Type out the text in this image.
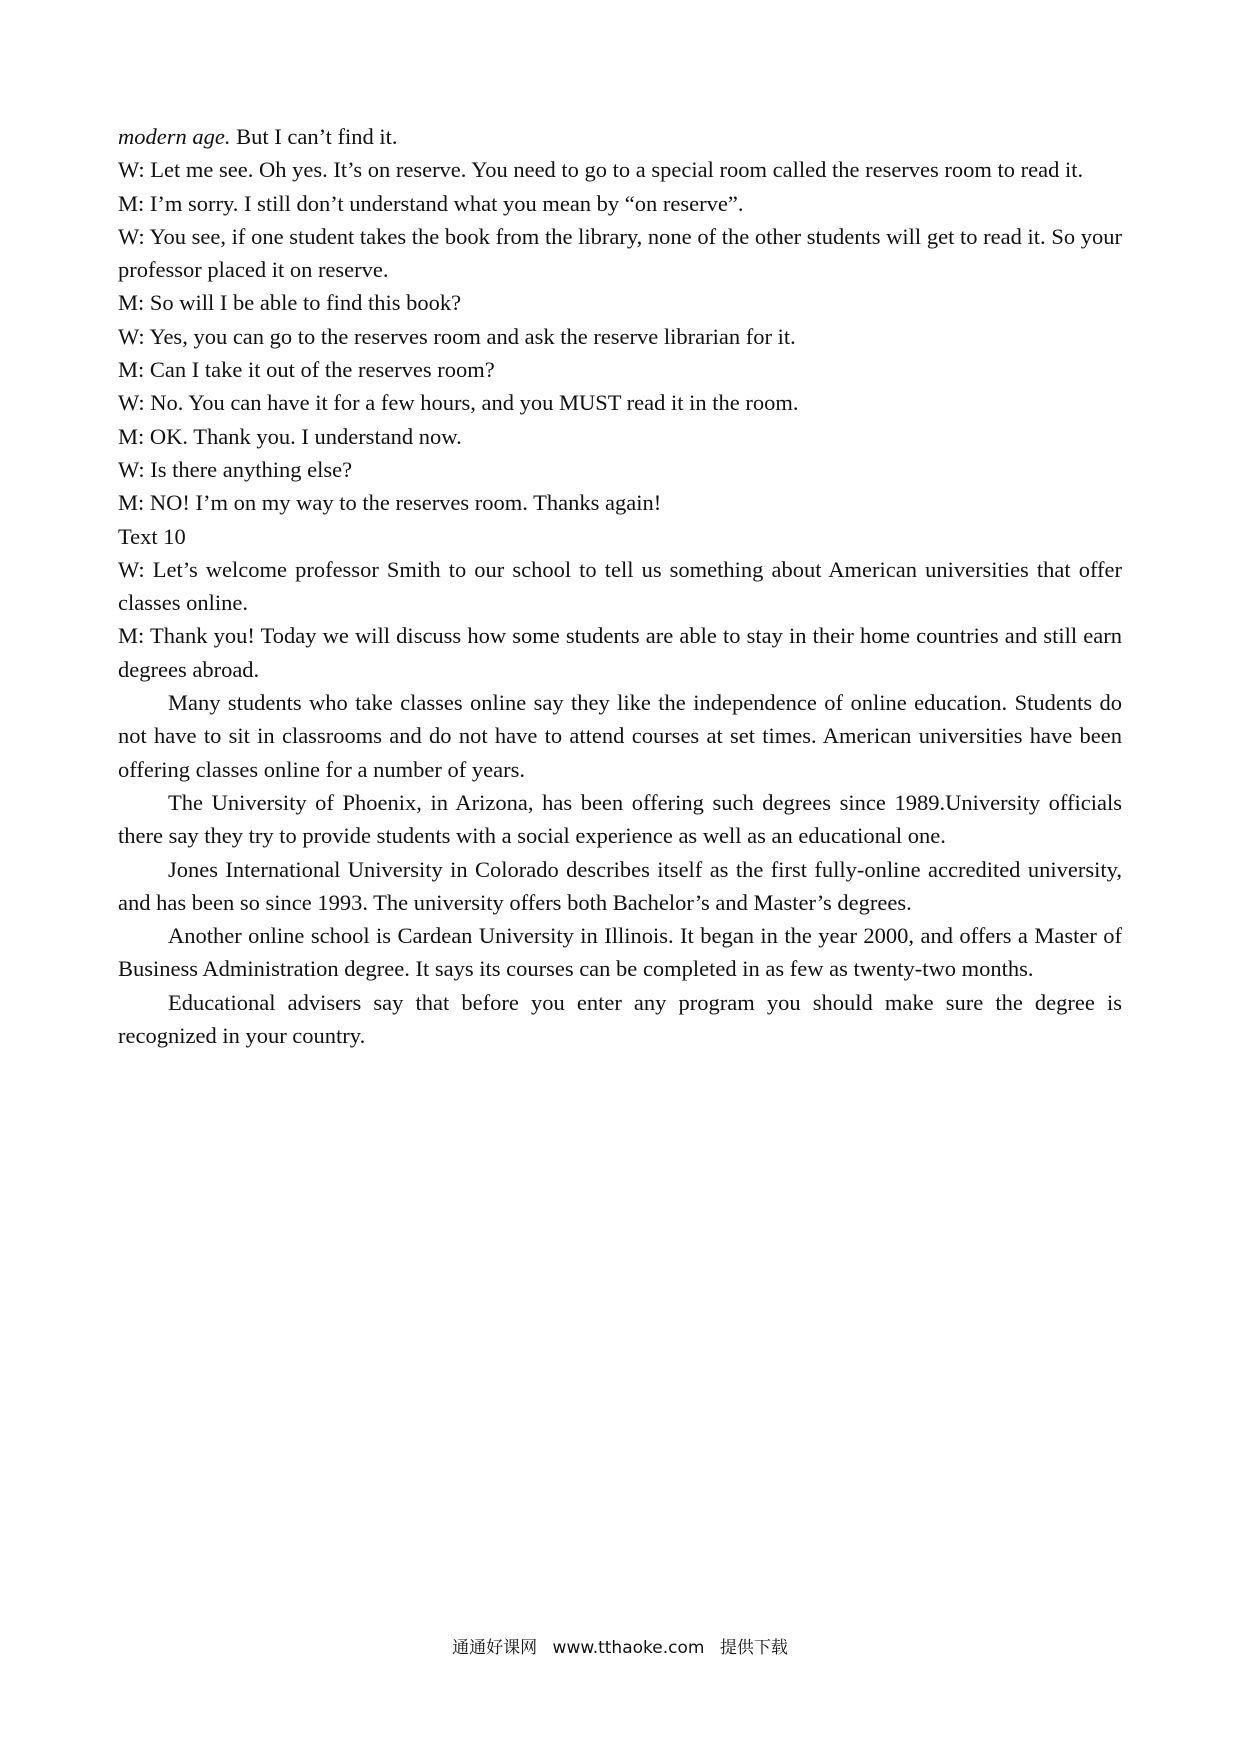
modern age. But I can’t find it.

W: Let me see. Oh yes. It’s on reserve. You need to go to a special room called the reserves room to read it.

M: I’m sorry. I still don’t understand what you mean by “on reserve”.

W: You see, if one student takes the book from the library, none of the other students will get to read it. So your professor placed it on reserve.

M: So will I be able to find this book?

W: Yes, you can go to the reserves room and ask the reserve librarian for it.

M: Can I take it out of the reserves room?

W: No. You can have it for a few hours, and you MUST read it in the room.

M: OK. Thank you. I understand now.

W: Is there anything else?

M: NO! I’m on my way to the reserves room. Thanks again!

Text 10

W: Let’s welcome professor Smith to our school to tell us something about American universities that offer classes online.

M: Thank you! Today we will discuss how some students are able to stay in their home countries and still earn degrees abroad.

Many students who take classes online say they like the independence of online education. Students do not have to sit in classrooms and do not have to attend courses at set times. American universities have been offering classes online for a number of years.

The University of Phoenix, in Arizona, has been offering such degrees since 1989.University officials there say they try to provide students with a social experience as well as an educational one.

Jones International University in Colorado describes itself as the first fully-online accredited university, and has been so since 1993. The university offers both Bachelor’s and Master’s degrees.

Another online school is Cardean University in Illinois. It began in the year 2000, and offers a Master of Business Administration degree. It says its courses can be completed in as few as twenty-two months.

Educational advisers say that before you enter any program you should make sure the degree is recognized in your country.

通通好课网 www.tthaoke.com 提供下载
